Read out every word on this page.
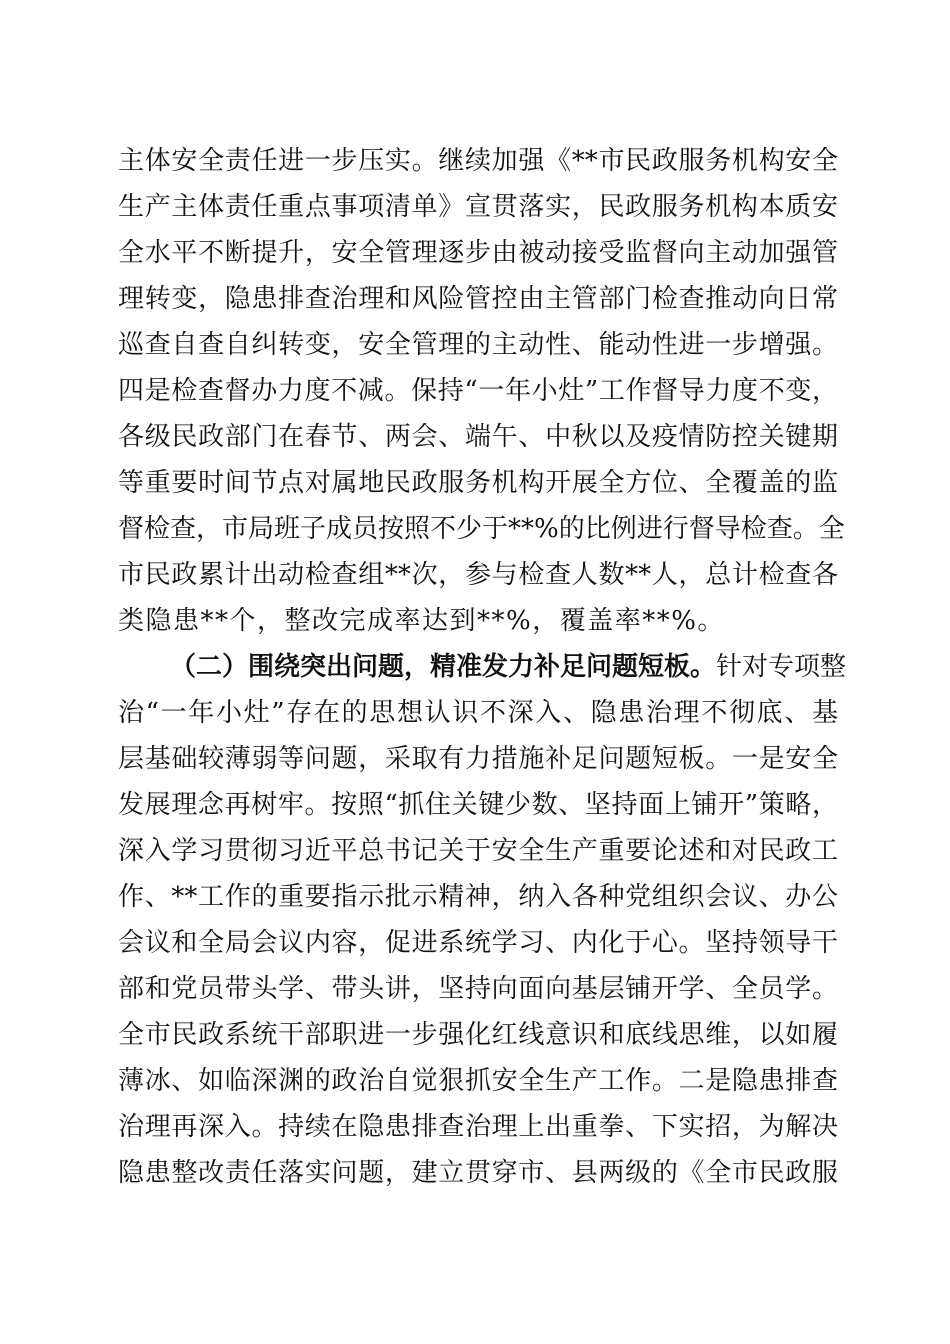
主体安全责任进一步压实。继续加强《**市民政服务机构安全
生产主体责任重点事项清单》宣贯落实，民政服务机构本质安
全水平不断提升，安全管理逐步由被动接受监督向主动加强管
理转变，隐患排查治理和风险管控由主管部门检查推动向日常
巡查自查自纠转变，安全管理的主动性、能动性进一步增强。
四是检查督办力度不减。保持“一年小灶”工作督导力度不变，
各级民政部门在春节、两会、端午、中秋以及疫情防控关键期
等重要时间节点对属地民政服务机构开展全方位、全覆盖的监
督检查，市局班子成员按照不少于**%的比例进行督导检查。全
市民政累计出动检查组**次，参与检查人数**人，总计检查各
类隐患**个，整改完成率达到**%，覆盖率**%。
（二）围绕突出问题，精准发力补足问题短板。针对专项整
治“一年小灶”存在的思想认识不深入、隐患治理不彻底、基
层基础较薄弱等问题，采取有力措施补足问题短板。一是安全
发展理念再树牢。按照“抓住关键少数、坚持面上铺开”策略，
深入学习贯彻习近平总书记关于安全生产重要论述和对民政工
作、**工作的重要指示批示精神，纳入各种党组织会议、办公
会议和全局会议内容，促进系统学习、内化于心。坚持领导干
部和党员带头学、带头讲，坚持向面向基层铺开学、全员学。
全市民政系统干部职进一步强化红线意识和底线思维，以如履
薄冰、如临深渊的政治自觉狠抓安全生产工作。二是隐患排查
治理再深入。持续在隐患排查治理上出重拳、下实招，为解决
隐患整改责任落实问题，建立贯穿市、县两级的《全市民政服
